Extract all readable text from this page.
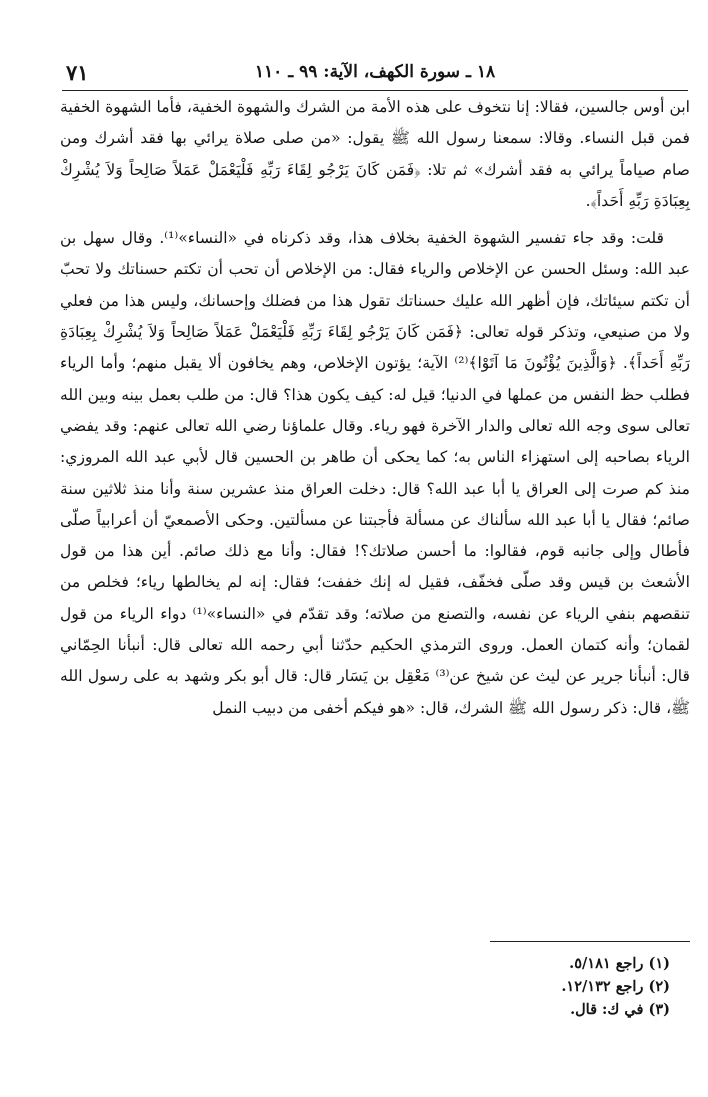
٧١	١٨ ـ سورة الكهف، الآية: ٩٩ ـ ١١٠

ابن أوس جالسين، فقالا: إنا نتخوف على هذه الأمة من الشرك والشهوة الخفية، فأما الشهوة الخفية فمن قبل النساء. وقالا: سمعنا رسول الله ﷺ يقول: «من صلى صلاة يرائي بها فقد أشرك ومن صام صياماً يرائي به فقد أشرك» ثم تلا: ﴿فَمَن كَانَ يَرْجُو لِقَاءَ رَبِّهِ فَلْيَعْمَلْ عَمَلاً صَالِحاً وَلاَ يُشْرِكْ بِعِبَادَةِ رَبِّهِ أَحَداً﴾.

قلت: وقد جاء تفسير الشهوة الخفية بخلاف هذا، وقد ذكرناه في «النساء»⁽¹⁾. وقال سهل بن عبد الله: وسئل الحسن عن الإخلاص والرياء فقال: من الإخلاص أن تحب أن تكتم حسناتك ولا تحبّ أن تكتم سيئاتك، فإن أظهر الله عليك حسناتك تقول هذا من فضلك وإحسانك، وليس هذا من فعلي ولا من صنيعي، وتذكر قوله تعالى: ﴿فَمَن كَانَ يَرْجُو لِقَاءَ رَبِّهِ فَلْيَعْمَلْ عَمَلاً صَالِحاً وَلاَ يُشْرِكْ بِعِبَادَةِ رَبِّهِ أَحَداً﴾. ﴿وَالَّذِينَ يُؤْتُونَ مَا آتَوْا﴾⁽²⁾ الآية؛ يؤتون الإخلاص، وهم يخافون ألا يقبل منهم؛ وأما الرياء فطلب حظ النفس من عملها في الدنيا؛ قيل له: كيف يكون هذا؟ قال: من طلب بعمل بينه وبين الله تعالى سوى وجه الله تعالى والدار الآخرة فهو رياء. وقال علماؤنا رضي الله تعالى عنهم: وقد يفضي الرياء بصاحبه إلى استهزاء الناس به؛ كما يحكى أن طاهر بن الحسين قال لأبي عبد الله المروزي: منذ كم صرت إلى العراق يا أبا عبد الله؟ قال: دخلت العراق منذ عشرين سنة وأنا منذ ثلاثين سنة صائم؛ فقال يا أبا عبد الله سألناك عن مسألة فأجبتنا عن مسألتين. وحكى الأصمعيّ أن أعرابياً صلّى فأطال وإلى جانبه قوم، فقالوا: ما أحسن صلاتك؟! فقال: وأنا مع ذلك صائم. أين هذا من قول الأشعث بن قيس وقد صلّى فخفّف، فقيل له إنك خففت؛ فقال: إنه لم يخالطها رياء؛ فخلص من تنقصهم بنفي الرياء عن نفسه، والتصنع من صلاته؛ وقد تقدّم في «النساء»⁽¹⁾ دواء الرياء من قول لقمان؛ وأنه كتمان العمل. وروى الترمذي الحكيم حدّثنا أبي رحمه الله تعالى قال: أنبأنا الحِمّاني قال: أنبأنا جرير عن ليث عن شيخ عن⁽³⁾ مَعْقِل بن يَسَار قال: قال أبو بكر وشهد به على رسول الله ﷺ، قال: ذكر رسول الله ﷺ الشرك، قال: «هو فيكم أخفى من دبيب النمل

(١) راجع ٥/١٨١.
(٢) راجع ١٢/١٣٢.
(٣) في ك: قال.
